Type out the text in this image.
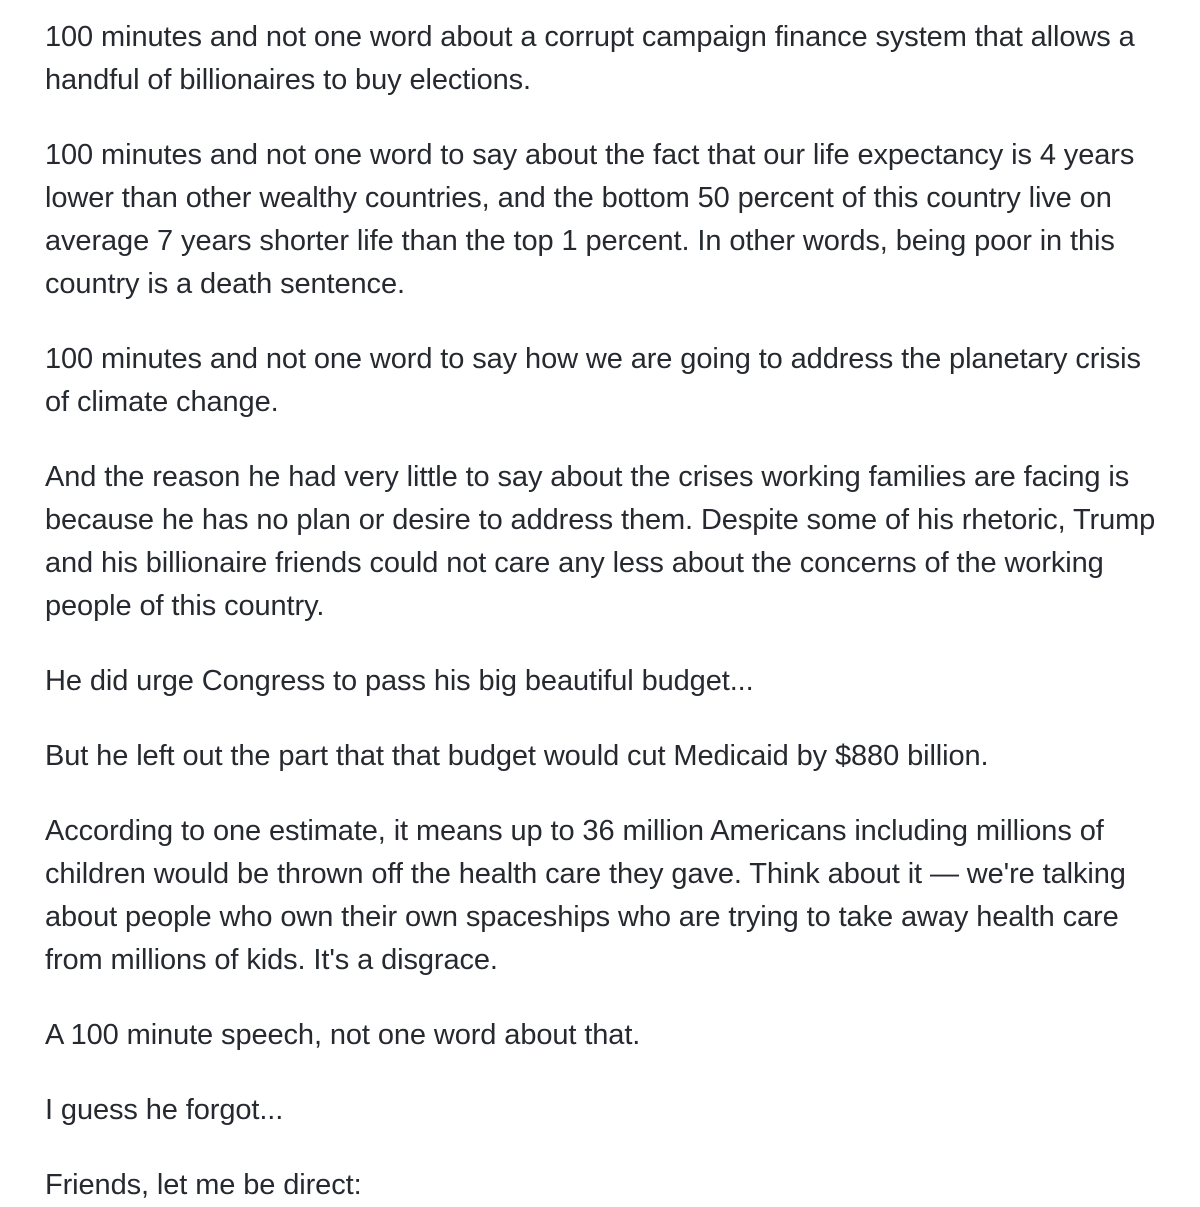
100 minutes and not one word about a corrupt campaign finance system that allows a handful of billionaires to buy elections.

100 minutes and not one word to say about the fact that our life expectancy is 4 years lower than other wealthy countries, and the bottom 50 percent of this country live on average 7 years shorter life than the top 1 percent. In other words, being poor in this country is a death sentence.

100 minutes and not one word to say how we are going to address the planetary crisis of climate change.

And the reason he had very little to say about the crises working families are facing is because he has no plan or desire to address them. Despite some of his rhetoric, Trump and his billionaire friends could not care any less about the concerns of the working people of this country.

He did urge Congress to pass his big beautiful budget...

But he left out the part that that budget would cut Medicaid by $880 billion.

According to one estimate, it means up to 36 million Americans including millions of children would be thrown off the health care they gave. Think about it — we're talking about people who own their own spaceships who are trying to take away health care from millions of kids. It's a disgrace.

A 100 minute speech, not one word about that.

I guess he forgot...

Friends, let me be direct:
